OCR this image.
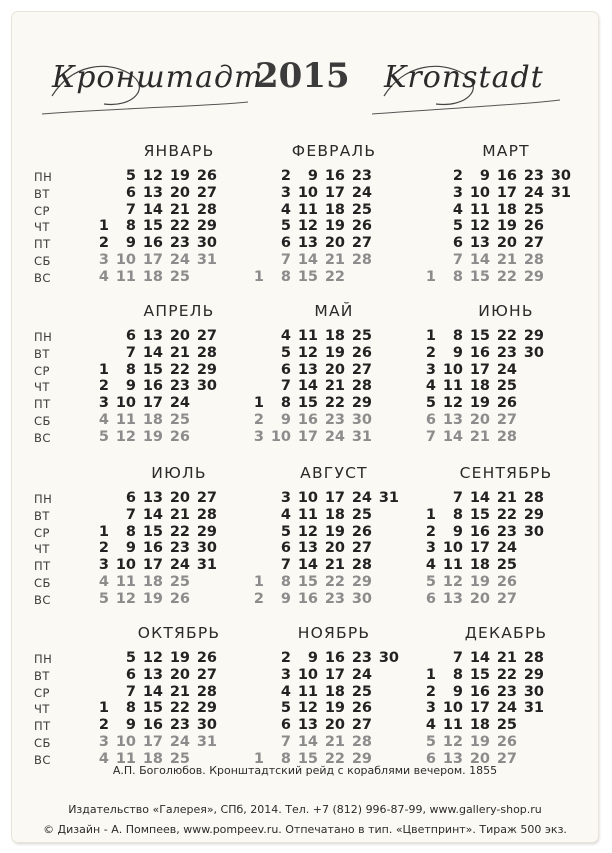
Кронштадт
2015 Kronstadt
ЯНВАРЬ
ПН
ВТ
СР
ЧТ
ПТ
СБ
ВС
1
2
3
4
5
6
7
8
9
10
11
12
13
14
15
16
17
18
19
20
21
22
23
24
25
26
27
28
29
30
31
ФЕВРАЛЬ
1
2
3
4
5
6
7
8
9
10
11
12
13
14
15
16
17
18
19
20
21
22
23
24
25
26
27
28
МАРТ
1
2
3
4
5
6
7
8
9
10
11
12
13
14
15
16
17
18
19
20
21
22
23
24
25
26
27
28
29
30
31
АПРЕЛЬ
ПН
ВТ
СР
ЧТ
ПТ
СБ
ВС
1
2
3
4
5
6
7
8
9
10
11
12
13
14
15
16
17
18
19
20
21
22
23
24
25
26
27
28
29
30
МАЙ
1
2
3
4
5
6
7
8
9
10
11
12
13
14
15
16
17
18
19
20
21
22
23
24
25
26
27
28
29
30
31
ИЮНЬ
1
2
3
4
5
6
7
8
9
10
11
12
13
14
15
16
17
18
19
20
21
22
23
24
25
26
27
28
29
30
ИЮЛЬ
ПН
ВТ
СР
ЧТ
ПТ
СБ
ВС
1
2
3
4
5
6
7
8
9
10
11
12
13
14
15
16
17
18
19
20
21
22
23
24
25
26
27
28
29
30
31
АВГУСТ
1
2
3
4
5
6
7
8
9
10
11
12
13
14
15
16
17
18
19
20
21
22
23
24
25
26
27
28
29
30
31
СЕНТЯБРЬ
1
2
3
4
5
6
7
8
9
10
11
12
13
14
15
16
17
18
19
20
21
22
23
24
25
26
27
28
29
30
ОКТЯБРЬ
ПН
ВТ
СР
ЧТ
ПТ
СБ
ВС
1
2
3
4
5
6
7
8
9
10
11
12
13
14
15
16
17
18
19
20
21
22
23
24
25
26
27
28
29
30
31
НОЯБРЬ
1
2
3
4
5
6
7
8
9
10
11
12
13
14
15
16
17
18
19
20
21
22
23
24
25
26
27
28
29
30
ДЕКАБРЬ
1
2
3
4
5
6
7
8
9
10
11
12
13
14
15
16
17
18
19
20
21
22
23
24
25
26
27
28
29
30
31
А.П. Боголюбов. Кронштадтский рейд с кораблями вечером. 1855
Издательство «Галерея», СПб, 2014. Тел. +7 (812) 996-87-99, www.gallery-shop.ru
© Дизайн - А. Помпеев, www.pompeev.ru. Отпечатано в тип. «Цветпринт». Тираж 500 экз.
